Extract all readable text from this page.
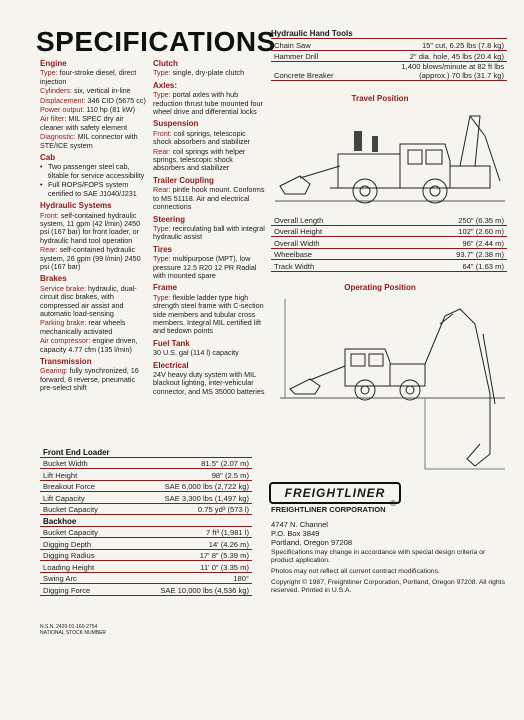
SPECIFICATIONS
Engine
Type: four-stroke diesel, direct injection
Cylinders: six, vertical in-line
Displacement: 346 CID (5675 cc)
Power output: 110 hp (81 kW)
Air filter: MIL SPEC dry air cleaner with safety element
Diagnostic: MIL connector with STE/ICE system
Cab
• Two passenger steel cab, tiltable for service accessibility
• Full ROPS/FOPS system certified to SAE J1040/J231
Hydraulic Systems
Front: self-contained hydraulic system, 11 gpm (42 l/min) 2450 psi (167 bar) for front loader, or hydraulic hand tool operation
Rear: self-contained hydraulic system, 26 gpm (99 l/min) 2450 psi (167 bar)
Brakes
Service brake: hydraulic, dual-circuit disc brakes, with compressed air assist and automatic load-sensing
Parking brake: rear wheels mechanically activated
Air compressor: engine driven, capacity 4.77 cfm (135 l/min)
Transmission
Gearing: fully synchronized, 16 forward, 8 reverse, pneumatic pre-select shift
Clutch
Type: single, dry-plate clutch
Axles:
Type: portal axles with hub reduction thrust tube mounted four wheel drive and differential locks
Suspension
Front: coil springs, telescopic shock absorbers and stabilizer
Rear: coil springs with helper springs, telescopic shock absorbers and stabilizer
Trailer Coupling
Rear: pintle hook mount. Conforms to MS 51118. Air and electrical connections
Steering
Type: recirculating ball with integral hydraulic assist
Tires
Type: multipurpose (MPT), low pressure 12.5 R20 12 PR Radial with mounted spare
Frame
Type: flexible ladder type high strength steel frame with C-section side members and tubular cross members. Integral MIL certified lift and tiedown points
Fuel Tank
30 U.S. gal (114 l) capacity
Electrical
24V heavy duty system with MIL blackout lighting, inter-vehicular connector, and MS 35000 batteries
Hydraulic Hand Tools
Chain Saw	15" cut, 6.25 lbs (7.8 kg)
Hammer Drill	2" dia. hole, 45 lbs (20.4 kg)
Concrete Breaker	1,400 blows/minute at 82 ft lbs
(approx.) 70 lbs (31.7 kg)
Travel Position
Overall Length	250" (6.35 m)
Overall Height	102" (2.60 m)
Overall Width	96" (2.44 m)
Wheelbase	93.7" (2.38 m)
Track Width	64" (1.63 m)
Operating Position
Front End Loader	
Bucket Width	81.5" (2.07 m)
Lift Height	98" (2.5 m)
Breakout Force	SAE 6,000 lbs (2,722 kg)
Lift Capacity	SAE 3,300 lbs (1,497 kg)
Bucket Capacity	0.75 yd³ (573 l)
Backhoe	
Bucket Capacity	7 ft³ (1,981 l)
Digging Depth	14' (4.26 m)
Digging Radius	17' 8" (5.39 m)
Loading Height	11' 0" (3.35 m)
Swing Arc	180°
Digging Force	SAE 10,000 lbs (4,536 kg)
FREIGHTLINER
®
FREIGHTLINER CORPORATION
4747 N. Channel
P.O. Box 3849
Portland, Oregon 97208
Specifications may change in accordance with special design criteria or product application.
Photos may not reflect all current contract modifications.
Copyright © 1987, Freightliner Corporation, Portland, Oregon 97208. All rights reserved. Printed in U.S.A.
N.S.N. 2420-01-160-2754
NATIONAL STOCK NUMBER
